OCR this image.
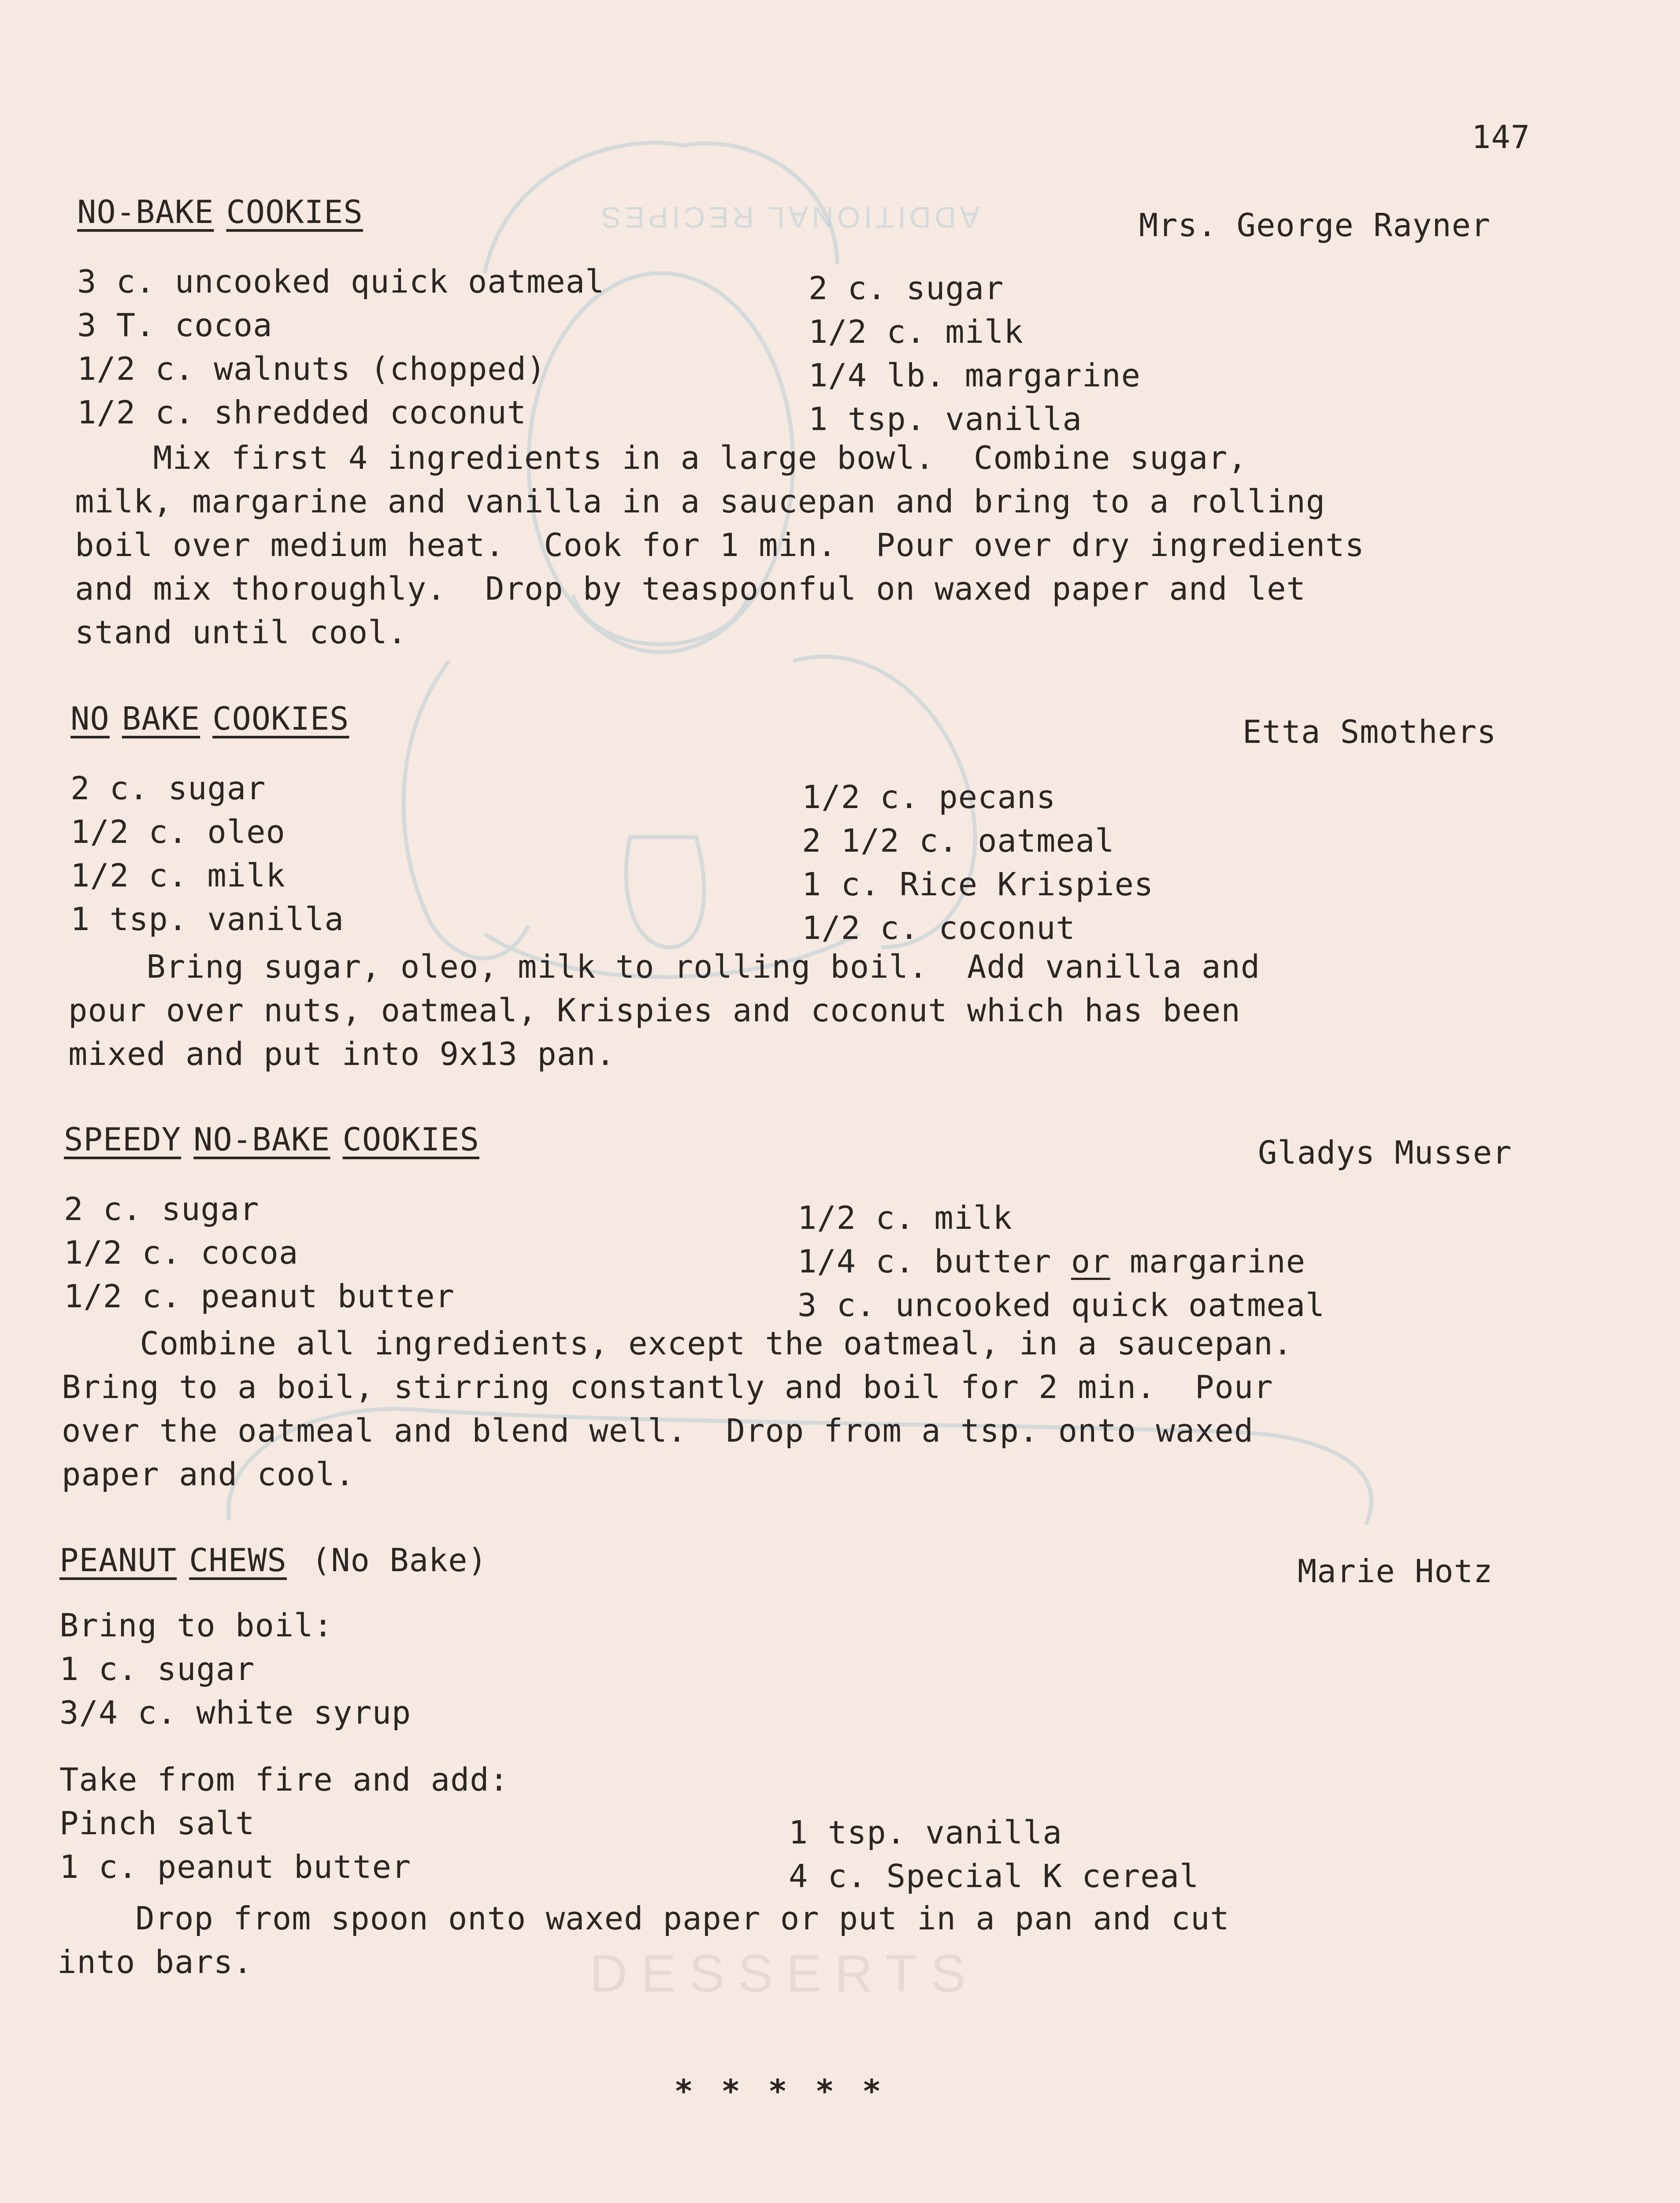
ADDITIONAL RECIPES
DESSERTS
147
NO-BAKE COOKIES	Mrs. George Rayner
3 c. uncooked quick oatmeal
3 T. cocoa
1/2 c. walnuts (chopped)
1/2 c. shredded coconut
2 c. sugar
1/2 c. milk
1/4 lb. margarine
1 tsp. vanilla
Mix first 4 ingredients in a large bowl.  Combine sugar,
milk, margarine and vanilla in a saucepan and bring to a rolling
boil over medium heat.  Cook for 1 min.  Pour over dry ingredients
and mix thoroughly.  Drop by teaspoonful on waxed paper and let
stand until cool.
NO BAKE COOKIES	Etta Smothers
2 c. sugar
1/2 c. oleo
1/2 c. milk
1 tsp. vanilla
1/2 c. pecans
2 1/2 c. oatmeal
1 c. Rice Krispies
1/2 c. coconut
Bring sugar, oleo, milk to rolling boil.  Add vanilla and
pour over nuts, oatmeal, Krispies and coconut which has been
mixed and put into 9x13 pan.
SPEEDY NO-BAKE COOKIES	Gladys Musser
2 c. sugar
1/2 c. cocoa
1/2 c. peanut butter
1/2 c. milk
1/4 c. butter or margarine
3 c. uncooked quick oatmeal
Combine all ingredients, except the oatmeal, in a saucepan.
Bring to a boil, stirring constantly and boil for 2 min.  Pour
over the oatmeal and blend well.  Drop from a tsp. onto waxed
paper and cool.
PEANUT CHEWS (No Bake)	Marie Hotz
Bring to boil:
1 c. sugar
3/4 c. white syrup
Take from fire and add:
Pinch salt
1 c. peanut butter
1 tsp. vanilla
4 c. Special K cereal
Drop from spoon onto waxed paper or put in a pan and cut
into bars.
* * * * *
